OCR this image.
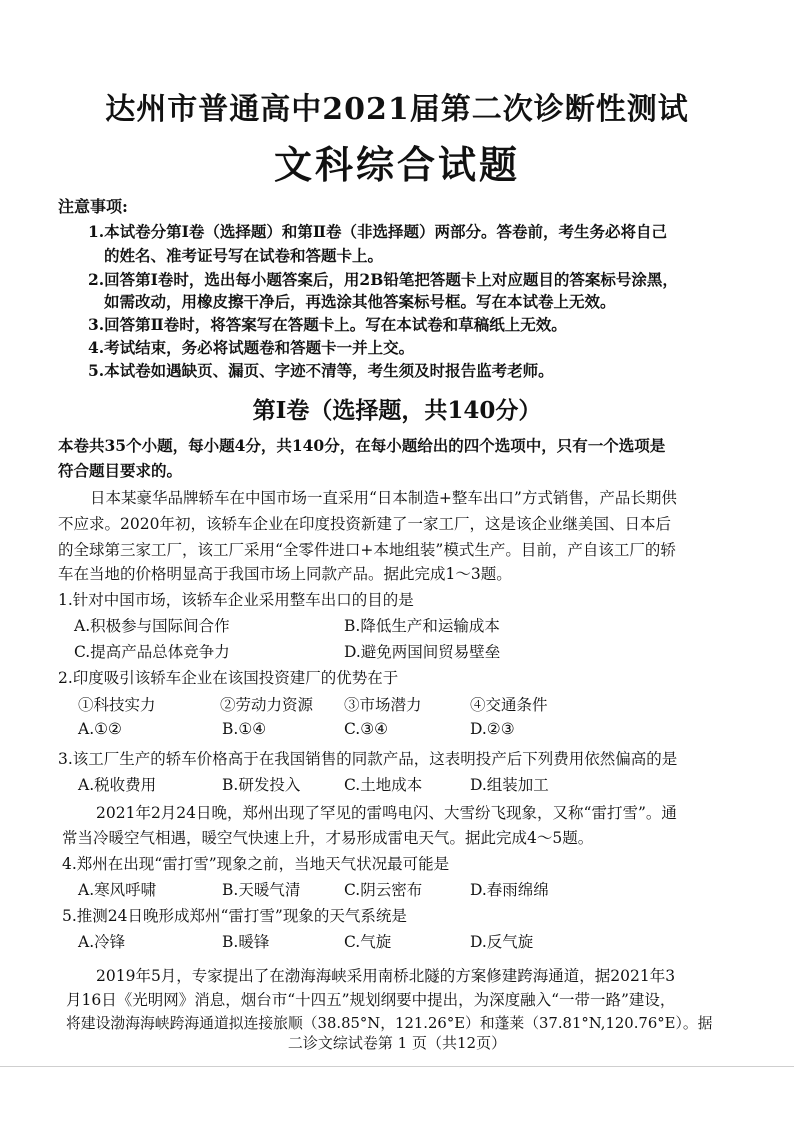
达州市普通高中2021届第二次诊断性测试
文科综合试题
注意事项:
1.本试卷分第Ⅰ卷（选择题）和第Ⅱ卷（非选择题）两部分。答卷前，考生务必将自己
的姓名、准考证号写在试卷和答题卡上。
2.回答第Ⅰ卷时，选出每小题答案后，用2B铅笔把答题卡上对应题目的答案标号涂黑，
如需改动，用橡皮擦干净后，再选涂其他答案标号框。写在本试卷上无效。
3.回答第Ⅱ卷时，将答案写在答题卡上。写在本试卷和草稿纸上无效。
4.考试结束，务必将试题卷和答题卡一并上交。
5.本试卷如遇缺页、漏页、字迹不清等，考生须及时报告监考老师。
第Ⅰ卷（选择题，共140分）
本卷共35个小题，每小题4分，共140分，在每小题给出的四个选项中，只有一个选项是
符合题目要求的。
日本某豪华品牌轿车在中国市场一直采用“日本制造+整车出口”方式销售，产品长期供
不应求。2020年初，该轿车企业在印度投资新建了一家工厂，这是该企业继美国、日本后
的全球第三家工厂，该工厂采用“全零件进口+本地组装”模式生产。目前，产自该工厂的轿
车在当地的价格明显高于我国市场上同款产品。据此完成1～3题。
1.针对中国市场，该轿车企业采用整车出口的目的是
A.积极参与国际间合作	B.降低生产和运输成本
C.提高产品总体竞争力	D.避免两国间贸易壁垒
2.印度吸引该轿车企业在该国投资建厂的优势在于
①科技实力	②劳动力资源 ③市场潜力	④交通条件
A.①②	B.①④	C.③④	D.②③
3.该工厂生产的轿车价格高于在我国销售的同款产品，这表明投产后下列费用依然偏高的是
A.税收费用	B.研发投入	C.土地成本	D.组装加工
2021年2月24日晚，郑州出现了罕见的雷鸣电闪、大雪纷飞现象，又称“雷打雪”。通
常当冷暖空气相遇，暖空气快速上升，才易形成雷电天气。据此完成4～5题。
4.郑州在出现“雷打雪”现象之前，当地天气状况最可能是
A.寒风呼啸	B.天暖气清	C.阴云密布	D.春雨绵绵
5.推测24日晚形成郑州“雷打雪”现象的天气系统是
A.冷锋	B.暖锋	C.气旋	D.反气旋
2019年5月，专家提出了在渤海海峡采用南桥北隧的方案修建跨海通道，据2021年3
月16日《光明网》消息，烟台市“十四五”规划纲要中提出，为深度融入“一带一路”建设，
将建设渤海海峡跨海通道拟连接旅顺（38.85°N，121.26°E）和蓬莱（37.81°N,120.76°E）。据
二诊文综试卷第 1 页（共12页）
